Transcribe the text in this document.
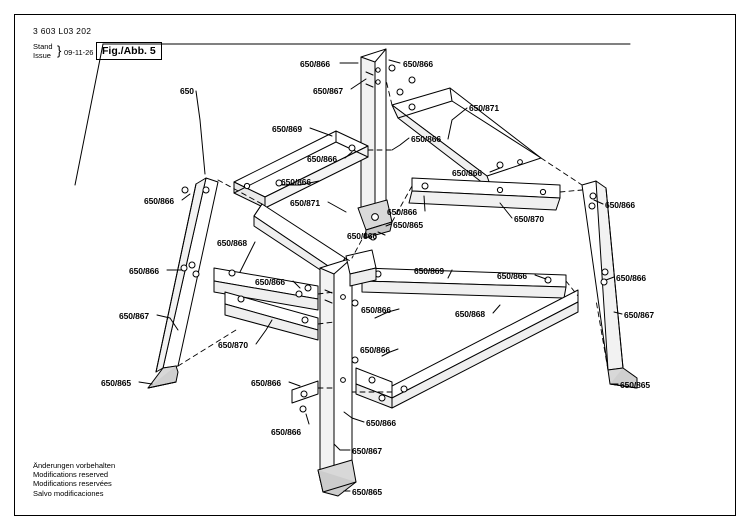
3 603 L03 202
Stand
Issue } 09-11-26 Fig./Abb. 5
Änderungen vorbehalten
Modifications reserved
Modifications reservées
Salvo modificaciones
650
650/866	650/866
650/867
650/871
650/869
650/866
650/866
650/866
650/866
650/866	650/871	650/866
650/866
650/870
650/865
650/866
650/868
650/866
650/866
650/869	650/866	650/866
650/866
650/867	650/868	650/867
650/870	650/866
650/865	650/866	650/865
650/866
650/866
650/867
650/865
